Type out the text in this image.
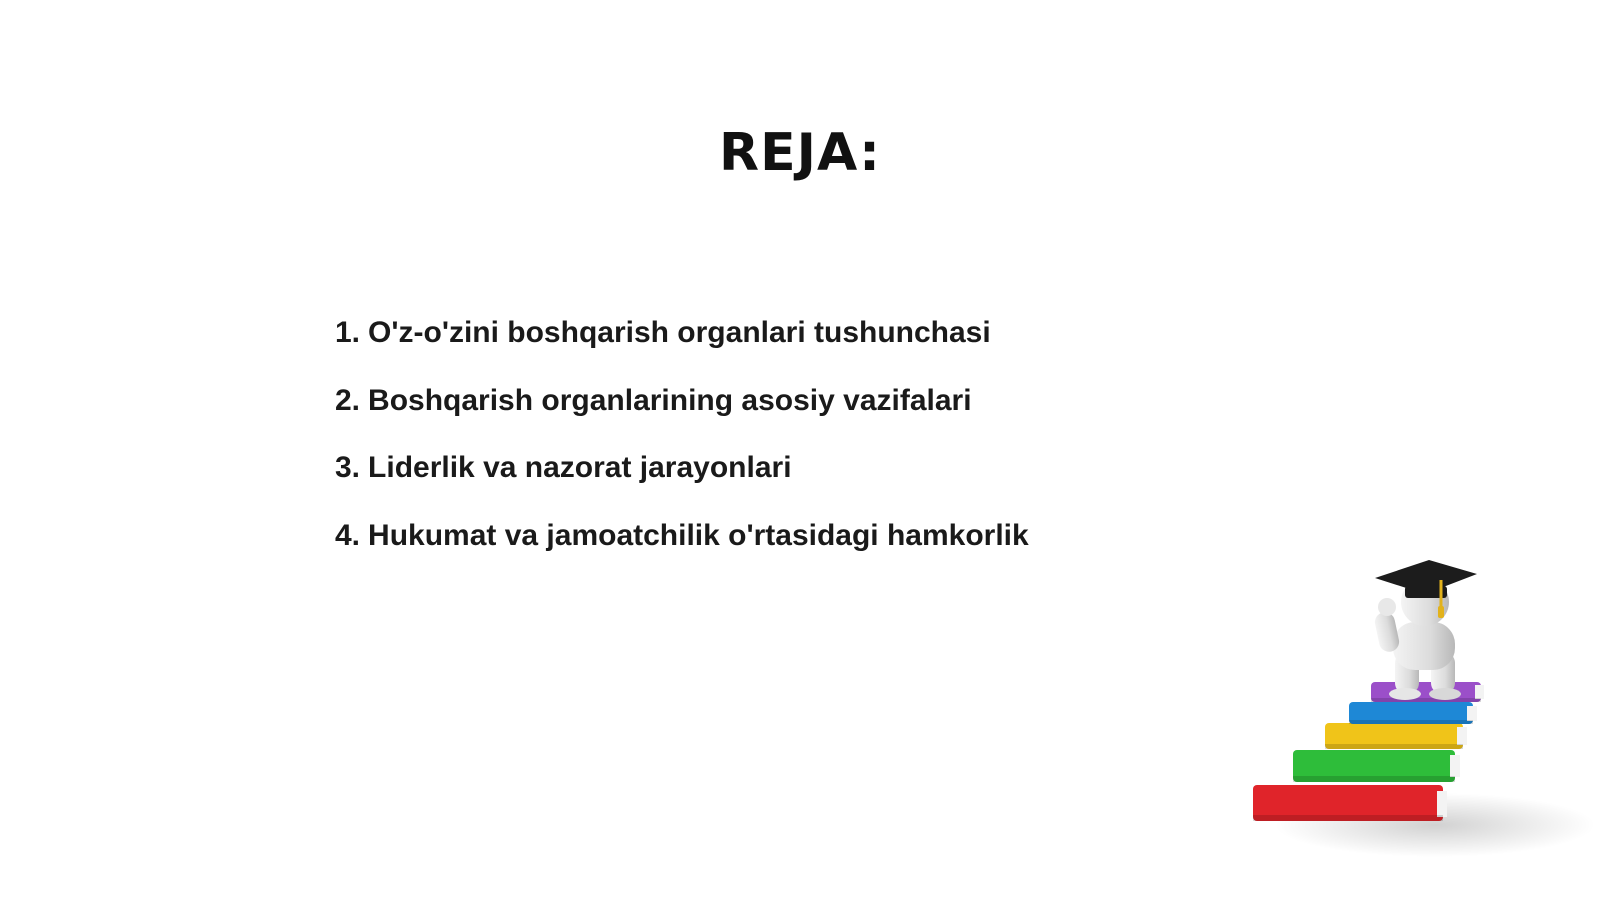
REJA:
1. O'z-o'zini boshqarish organlari tushunchasi
2. Boshqarish organlarining asosiy vazifalari
3. Liderlik va nazorat jarayonlari
4. Hukumat va jamoatchilik o'rtasidagi hamkorlik
